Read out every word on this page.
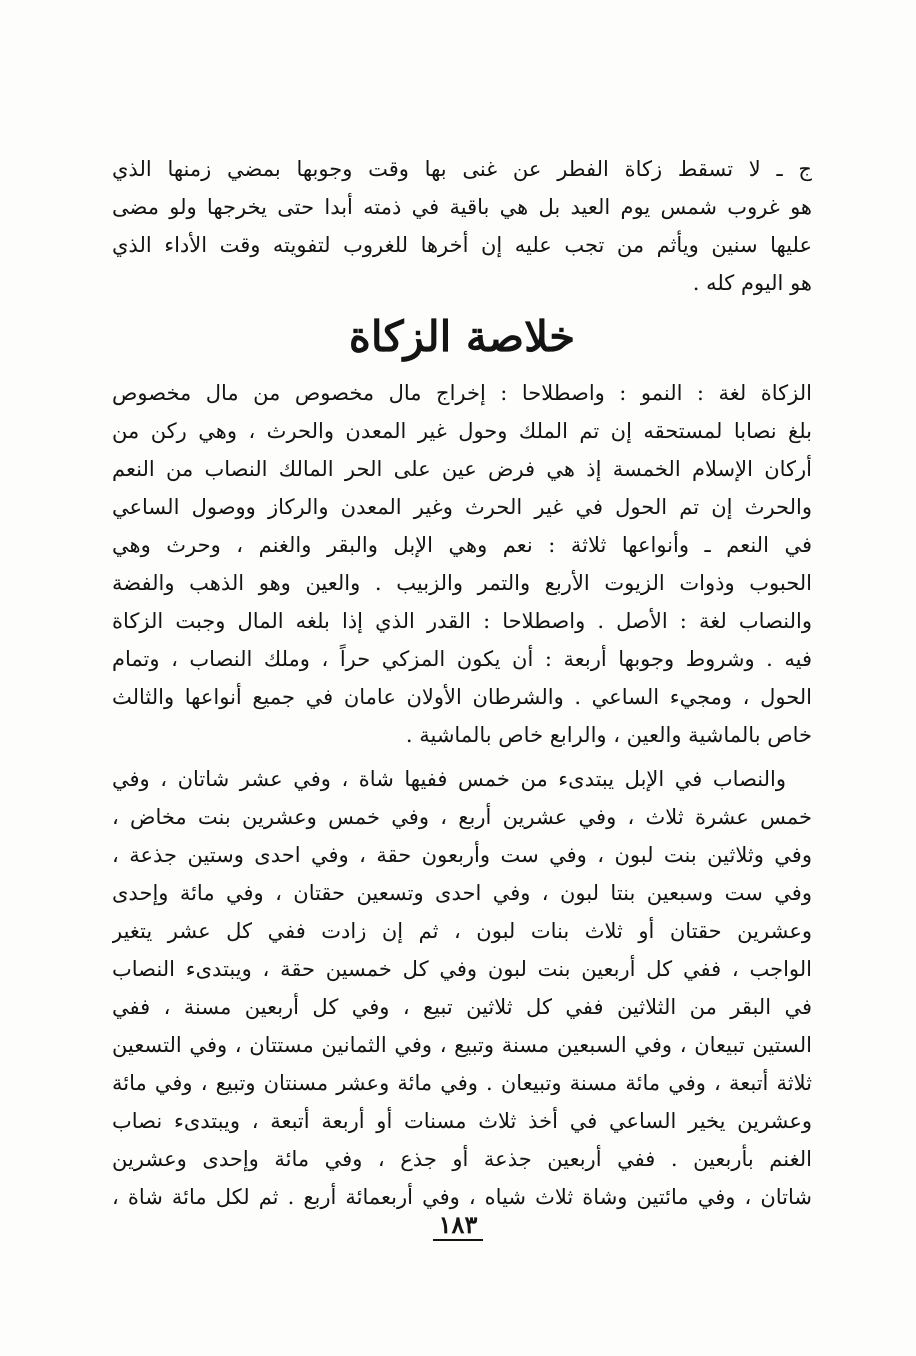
ج ـ لا تسقط زكاة الفطر عن غنى بها وقت وجوبها بمضي زمنها الذي
هو غروب شمس يوم العيد بل هي باقية في ذمته أبدا حتى يخرجها ولو مضى
عليها سنين ويأثم من تجب عليه إن أخرها للغروب لتفويته وقت الأداء الذي
هو اليوم كله .
خلاصة الزكاة
الزكاة لغة : النمو : واصطلاحا : إخراج مال مخصوص من مال مخصوص
بلغ نصابا لمستحقه إن تم الملك وحول غير المعدن والحرث ، وهي ركن من
أركان الإسلام الخمسة إذ هي فرض عين على الحر المالك النصاب من النعم
والحرث إن تم الحول في غير الحرث وغير المعدن والركاز ووصول الساعي
في النعم ـ وأنواعها ثلاثة : نعم وهي الإبل والبقر والغنم ، وحرث وهي
الحبوب وذوات الزيوت الأربع والتمر والزبيب . والعين وهو الذهب والفضة
والنصاب لغة : الأصل . واصطلاحا : القدر الذي إذا بلغه المال وجبت الزكاة
فيه . وشروط وجوبها أربعة : أن يكون المزكي حراً ، وملك النصاب ، وتمام
الحول ، ومجيء الساعي . والشرطان الأولان عامان في جميع أنواعها والثالث
خاص بالماشية والعين ، والرابع خاص بالماشية .
والنصاب في الإبل يبتدىء من خمس ففيها شاة ، وفي عشر شاتان ، وفي
خمس عشرة ثلاث ، وفي عشرين أربع ، وفي خمس وعشرين بنت مخاض ،
وفي وثلاثين بنت لبون ، وفي ست وأربعون حقة ، وفي احدى وستين جذعة ،
وفي ست وسبعين بنتا لبون ، وفي احدى وتسعين حقتان ، وفي مائة وإحدى
وعشرين حقتان أو ثلاث بنات لبون ، ثم إن زادت ففي كل عشر يتغير
الواجب ، ففي كل أربعين بنت لبون وفي كل خمسين حقة ، ويبتدىء النصاب
في البقر من الثلاثين ففي كل ثلاثين تبيع ، وفي كل أربعين مسنة ، ففي
الستين تبيعان ، وفي السبعين مسنة وتبيع ، وفي الثمانين مستتان ، وفي التسعين
ثلاثة أتبعة ، وفي مائة مسنة وتبيعان . وفي مائة وعشر مسنتان وتبيع ، وفي مائة
وعشرين يخير الساعي في أخذ ثلاث مسنات أو أربعة أتبعة ، ويبتدىء نصاب
الغنم بأربعين . ففي أربعين جذعة أو جذع ، وفي مائة وإحدى وعشرين
شاتان ، وفي مائتين وشاة ثلاث شياه ، وفي أربعمائة أربع . ثم لكل مائة شاة ،
١٨٣
